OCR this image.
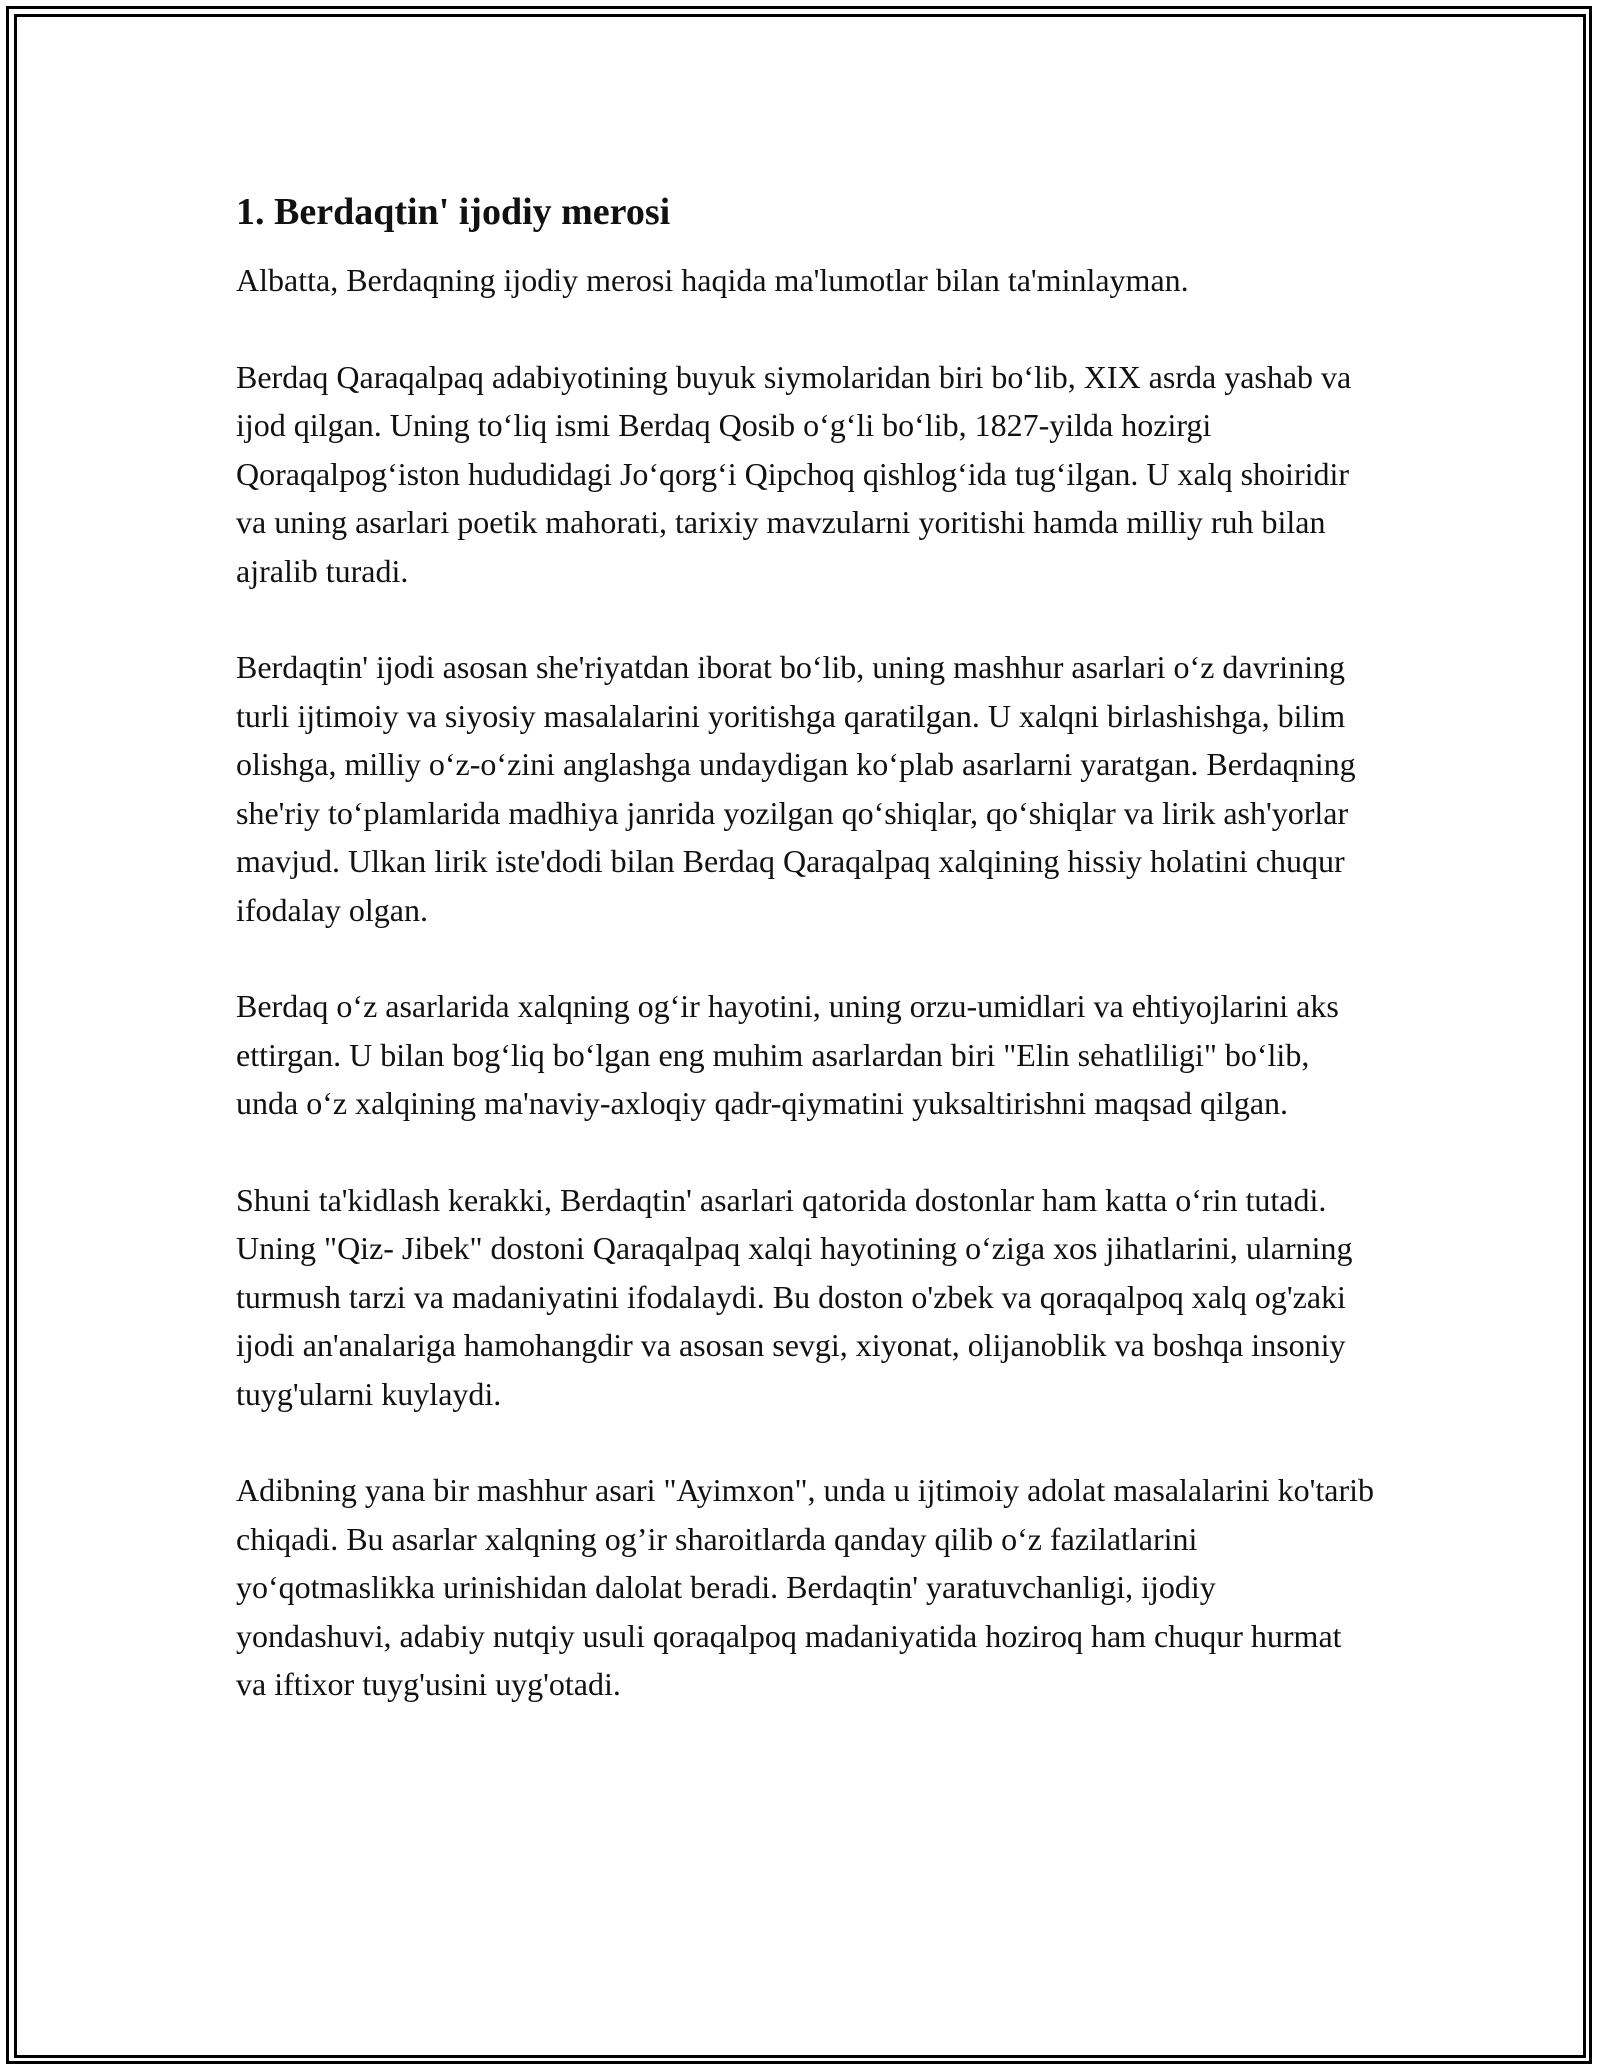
1. Berdaqtin' ijodiy merosi

Albatta, Berdaqning ijodiy merosi haqida ma'lumotlar bilan ta'minlayman.

Berdaq Qaraqalpaq adabiyotining buyuk siymolaridan biri bo‘lib, XIX asrda yashab va ijod qilgan. Uning to‘liq ismi Berdaq Qosib o‘g‘li bo‘lib, 1827-yilda hozirgi Qoraqalpog‘iston hududidagi Jo‘qorg‘i Qipchoq qishlog‘ida tug‘ilgan. U xalq shoiridir va uning asarlari poetik mahorati, tarixiy mavzularni yoritishi hamda milliy ruh bilan ajralib turadi.

Berdaqtin' ijodi asosan she'riyatdan iborat bo‘lib, uning mashhur asarlari o‘z davrining turli ijtimoiy va siyosiy masalalarini yoritishga qaratilgan. U xalqni birlashishga, bilim olishga, milliy o‘z-o‘zini anglashga undaydigan ko‘plab asarlarni yaratgan. Berdaqning she'riy to‘plamlarida madhiya janrida yozilgan qo‘shiqlar, qo‘shiqlar va lirik ash'yorlar mavjud. Ulkan lirik iste'dodi bilan Berdaq Qaraqalpaq xalqining hissiy holatini chuqur ifodalay olgan.

Berdaq o‘z asarlarida xalqning og‘ir hayotini, uning orzu-umidlari va ehtiyojlarini aks ettirgan. U bilan bog‘liq bo‘lgan eng muhim asarlardan biri "Elin sehatliligi" bo‘lib, unda o‘z xalqining ma'naviy-axloqiy qadr-qiymatini yuksaltirishni maqsad qilgan.

Shuni ta'kidlash kerakki, Berdaqtin' asarlari qatorida dostonlar ham katta o‘rin tutadi. Uning "Qiz- Jibek" dostoni Qaraqalpaq xalqi hayotining o‘ziga xos jihatlarini, ularning turmush tarzi va madaniyatini ifodalaydi. Bu doston o'zbek va qoraqalpoq xalq og'zaki ijodi an'analariga hamohangdir va asosan sevgi, xiyonat, olijanoblik va boshqa insoniy tuyg'ularni kuylaydi.

Adibning yana bir mashhur asari "Ayimxon", unda u ijtimoiy adolat masalalarini ko'tarib chiqadi. Bu asarlar xalqning og’ir sharoitlarda qanday qilib o‘z fazilatlarini yo‘qotmaslikka urinishidan dalolat beradi. Berdaqtin' yaratuvchanligi, ijodiy yondashuvi, adabiy nutqiy usuli qoraqalpoq madaniyatida hoziroq ham chuqur hurmat va iftixor tuyg'usini uyg'otadi.
